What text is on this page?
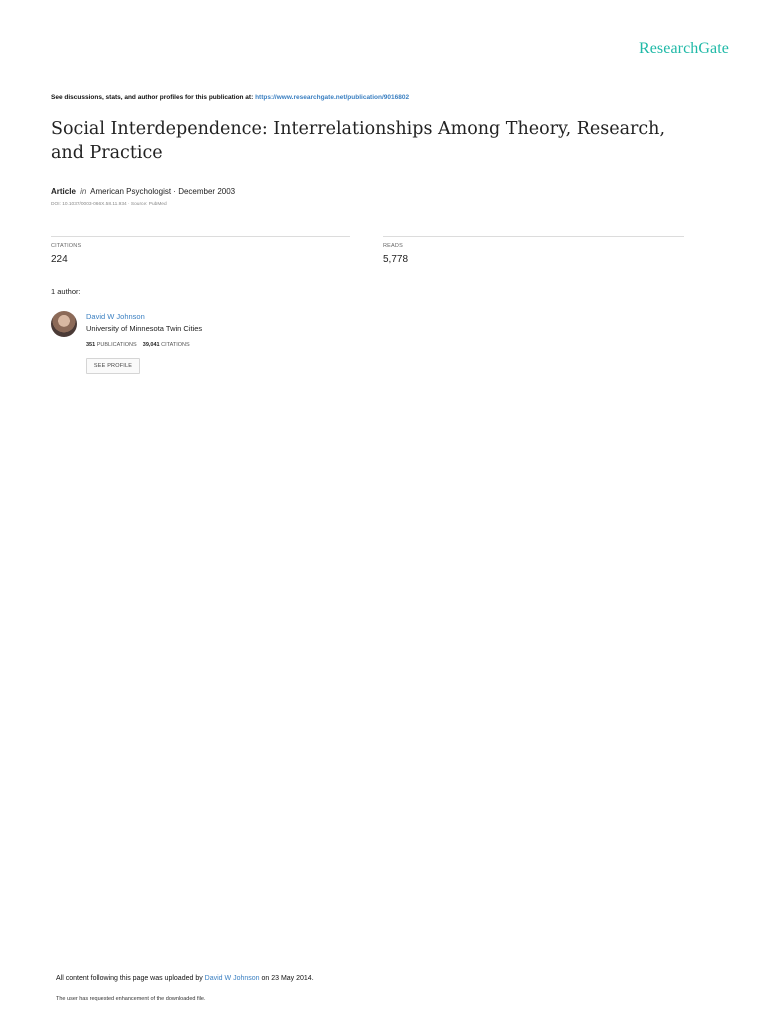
ResearchGate
See discussions, stats, and author profiles for this publication at: https://www.researchgate.net/publication/9016802
Social Interdependence: Interrelationships Among Theory, Research, and Practice
Article in American Psychologist · December 2003
DOI: 10.1037/0003-066X.58.11.934 · Source: PubMed
CITATIONS
224
READS
5,778
1 author:
David W Johnson
University of Minnesota Twin Cities
351 PUBLICATIONS 39,041 CITATIONS
SEE PROFILE
All content following this page was uploaded by David W Johnson on 23 May 2014.
The user has requested enhancement of the downloaded file.
